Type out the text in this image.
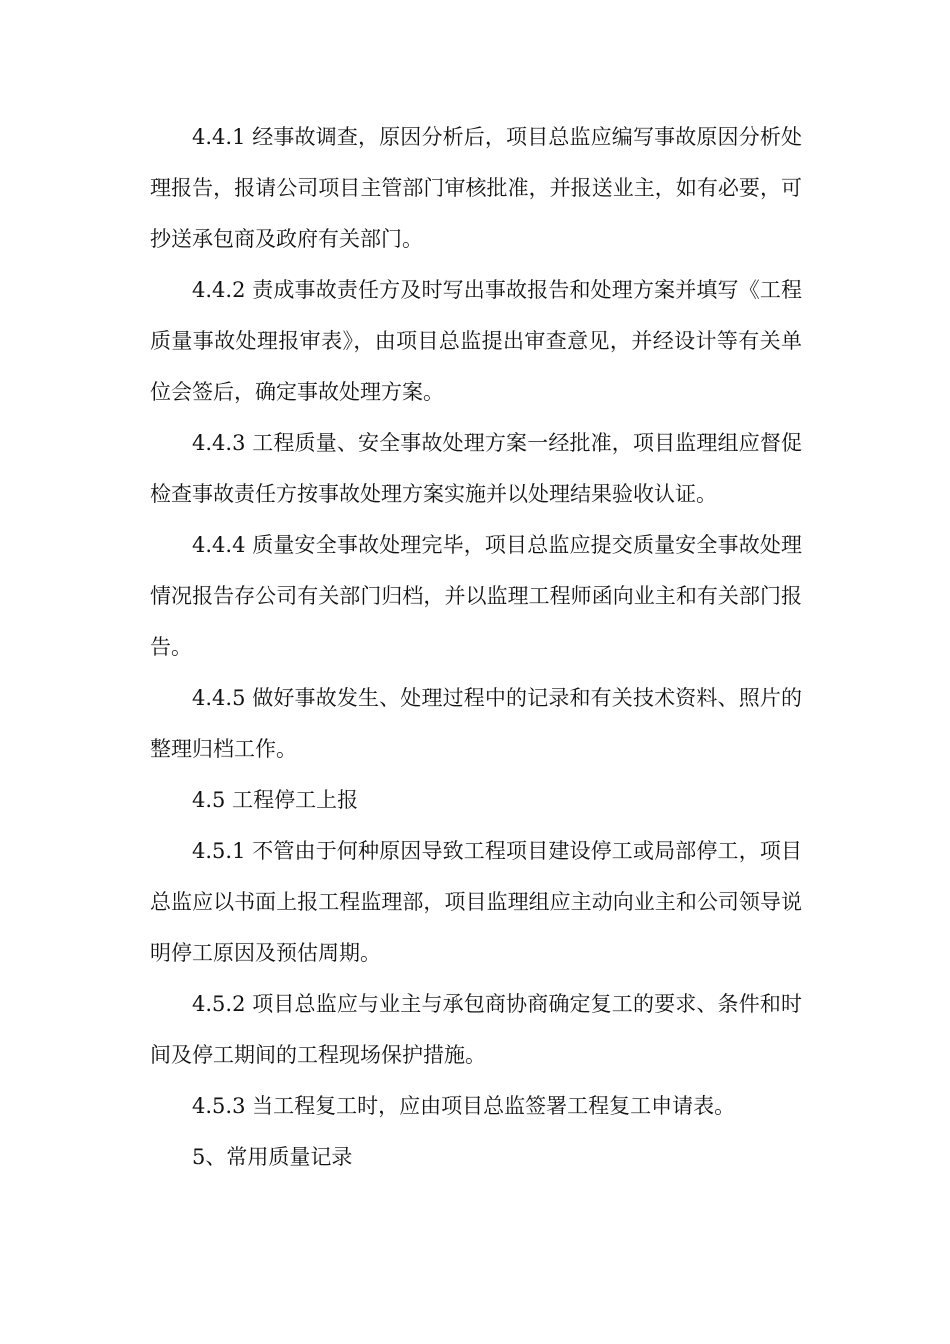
4.4.1 经事故调查，原因分析后，项目总监应编写事故原因分析处理报告，报请公司项目主管部门审核批准，并报送业主，如有必要，可抄送承包商及政府有关部门。

4.4.2 责成事故责任方及时写出事故报告和处理方案并填写《工程质量事故处理报审表》，由项目总监提出审查意见，并经设计等有关单位会签后，确定事故处理方案。

4.4.3 工程质量、安全事故处理方案一经批准，项目监理组应督促检查事故责任方按事故处理方案实施并以处理结果验收认证。

4.4.4 质量安全事故处理完毕，项目总监应提交质量安全事故处理情况报告存公司有关部门归档，并以监理工程师函向业主和有关部门报告。

4.4.5 做好事故发生、处理过程中的记录和有关技术资料、照片的整理归档工作。

4.5 工程停工上报

4.5.1 不管由于何种原因导致工程项目建设停工或局部停工，项目总监应以书面上报工程监理部，项目监理组应主动向业主和公司领导说明停工原因及预估周期。

4.5.2 项目总监应与业主与承包商协商确定复工的要求、条件和时间及停工期间的工程现场保护措施。

4.5.3 当工程复工时，应由项目总监签署工程复工申请表。

5、常用质量记录
